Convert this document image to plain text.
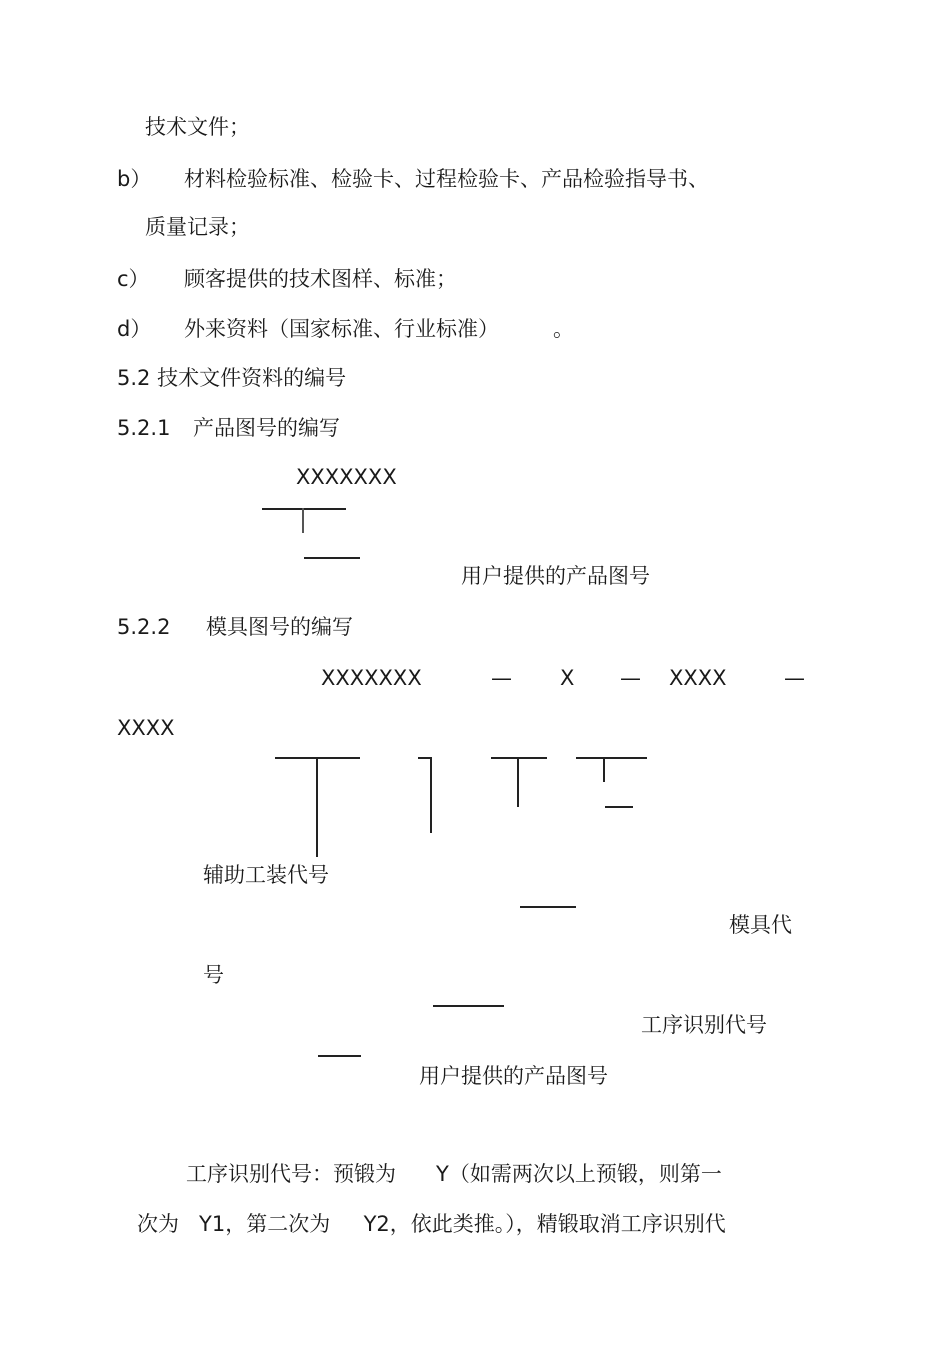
技术文件；
b） 材料检验标准、检验卡、过程检验卡、产品检验指导书、
质量记录；
c） 顾客提供的技术图样、标准；
d） 外来资料（国家标准、行业标准）	。
5.2 技术文件资料的编号
5.2.1 产品图号的编写
XXXXXXX
用户提供的产品图号
5.2.2 模具图号的编写
XXXXXXX	— X — XXXX	—
XXXX
辅助工装代号
模具代
号
工序识别代号
用户提供的产品图号
工序识别代号：预锻为      Y（如需两次以上预锻，则第一
次为   Y1，第二次为     Y2，依此类推。），精锻取消工序识别代
